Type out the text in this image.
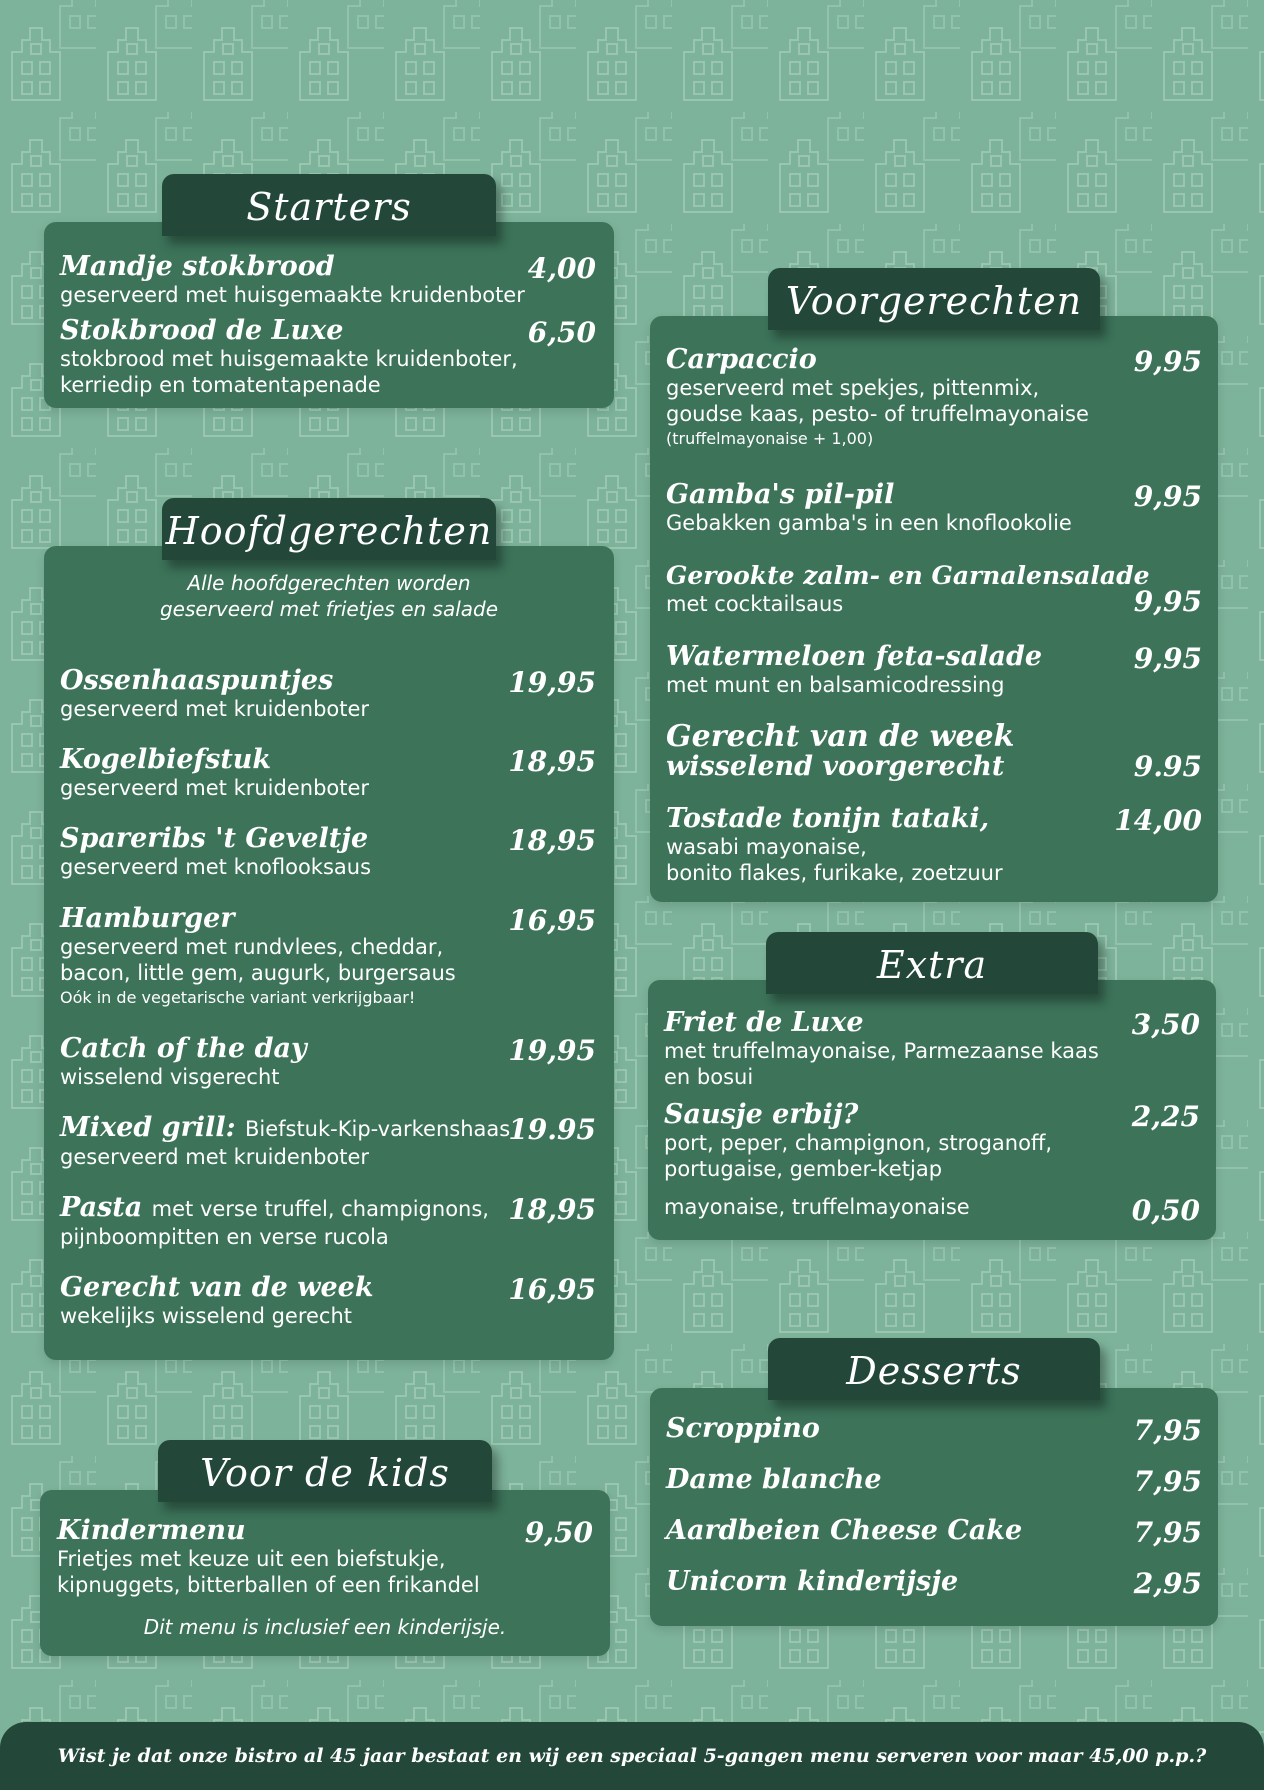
Starters
Mandje stokbrood
geserveerd met huisgemaakte kruidenboter
4,00
Stokbrood de Luxe
stokbrood met huisgemaakte kruidenboter,
kerriedip en tomatentapenade
6,50
Hoofdgerechten
Alle hoofdgerechten worden
geserveerd met frietjes en salade
Ossenhaaspuntjes
geserveerd met kruidenboter
19,95
Kogelbiefstuk
geserveerd met kruidenboter
18,95
Spareribs 't Geveltje
geserveerd met knoflooksaus
18,95
Hamburger
geserveerd met rundvlees, cheddar,
bacon, little gem, augurk, burgersaus
Oók in de vegetarische variant verkrijgbaar!
16,95
Catch of the day
wisselend visgerecht
19,95
Mixed grill: Biefstuk-Kip-varkenshaas
geserveerd met kruidenboter
19.95
Pasta met verse truffel, champignons,
pijnboompitten en verse rucola
18,95
Gerecht van de week
wekelijks wisselend gerecht
16,95
Voor de kids
Kindermenu
Frietjes met keuze uit een biefstukje,
kipnuggets, bitterballen of een frikandel
9,50
Dit menu is inclusief een kinderijsje.
Voorgerechten
Carpaccio
geserveerd met spekjes, pittenmix,
goudse kaas, pesto- of truffelmayonaise
(truffelmayonaise + 1,00)
9,95
Gamba's pil-pil
Gebakken gamba's in een knoflookolie
9,95
Gerookte zalm- en Garnalensalade
met cocktailsaus	9,95
Watermeloen feta-salade
met munt en balsamicodressing
9,95
Gerecht van de week
wisselend voorgerecht	9.95
Tostade tonijn tataki,
wasabi mayonaise,
bonito flakes, furikake, zoetzuur
14,00
Extra
Friet de Luxe
met truffelmayonaise, Parmezaanse kaas
en bosui
3,50
Sausje erbij?
port, peper, champignon, stroganoff,
portugaise, gember-ketjap
2,25
mayonaise, truffelmayonaise	0,50
Desserts
Scroppino	7,95
Dame blanche	7,95
Aardbeien Cheese Cake	7,95
Unicorn kinderijsje	2,95
Wist je dat onze bistro al 45 jaar bestaat en wij een speciaal 5-gangen menu serveren voor maar 45,00 p.p.?
